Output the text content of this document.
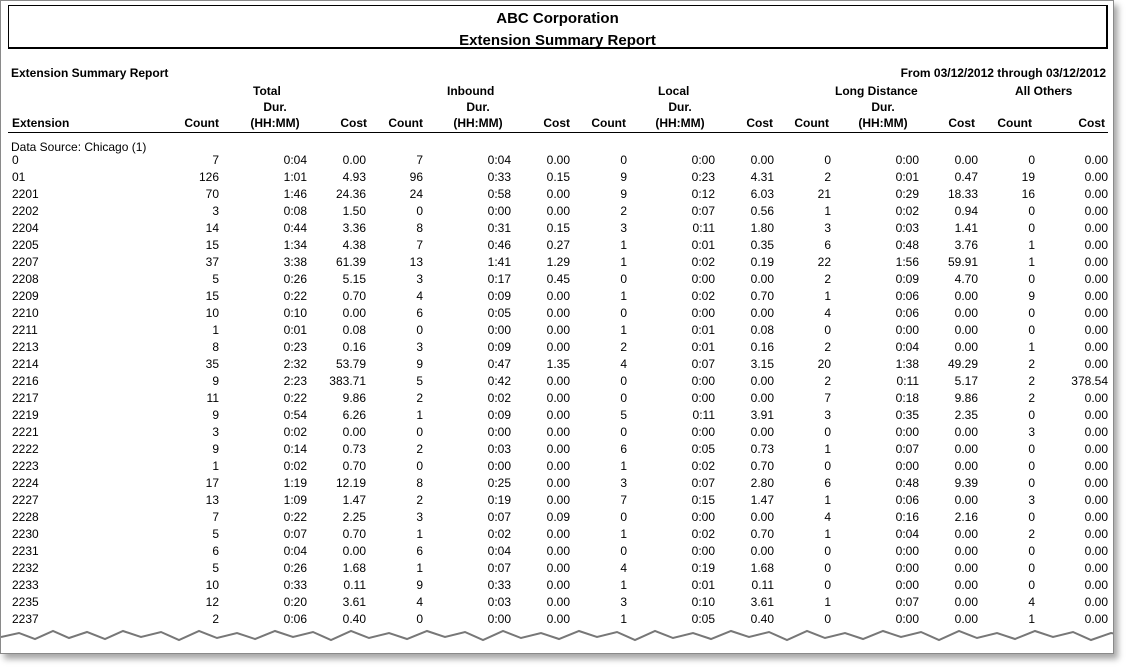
ABC Corporation
Extension Summary Report
Extension Summary Report	From 03/12/2012 through 03/12/2012
Total	Inbound	Local	Long Distance	All Others
Dur.	Dur.	Dur.	Dur.
Extension	Count	(HH:MM)	Cost	Count	(HH:MM)	Cost	Count	(HH:MM)	Cost	Count	(HH:MM)	Cost	Count	Cost
Data Source: Chicago (1)
0	7	0:04	0.00	7	0:04	0.00	0	0:00	0.00	0	0:00	0.00	0	0.00
01	126	1:01	4.93	96	0:33	0.15	9	0:23	4.31	2	0:01	0.47	19	0.00
2201	70	1:46	24.36	24	0:58	0.00	9	0:12	6.03	21	0:29	18.33	16	0.00
2202	3	0:08	1.50	0	0:00	0.00	2	0:07	0.56	1	0:02	0.94	0	0.00
2204	14	0:44	3.36	8	0:31	0.15	3	0:11	1.80	3	0:03	1.41	0	0.00
2205	15	1:34	4.38	7	0:46	0.27	1	0:01	0.35	6	0:48	3.76	1	0.00
2207	37	3:38	61.39	13	1:41	1.29	1	0:02	0.19	22	1:56	59.91	1	0.00
2208	5	0:26	5.15	3	0:17	0.45	0	0:00	0.00	2	0:09	4.70	0	0.00
2209	15	0:22	0.70	4	0:09	0.00	1	0:02	0.70	1	0:06	0.00	9	0.00
2210	10	0:10	0.00	6	0:05	0.00	0	0:00	0.00	4	0:06	0.00	0	0.00
2211	1	0:01	0.08	0	0:00	0.00	1	0:01	0.08	0	0:00	0.00	0	0.00
2213	8	0:23	0.16	3	0:09	0.00	2	0:01	0.16	2	0:04	0.00	1	0.00
2214	35	2:32	53.79	9	0:47	1.35	4	0:07	3.15	20	1:38	49.29	2	0.00
2216	9	2:23	383.71	5	0:42	0.00	0	0:00	0.00	2	0:11	5.17	2	378.54
2217	11	0:22	9.86	2	0:02	0.00	0	0:00	0.00	7	0:18	9.86	2	0.00
2219	9	0:54	6.26	1	0:09	0.00	5	0:11	3.91	3	0:35	2.35	0	0.00
2221	3	0:02	0.00	0	0:00	0.00	0	0:00	0.00	0	0:00	0.00	3	0.00
2222	9	0:14	0.73	2	0:03	0.00	6	0:05	0.73	1	0:07	0.00	0	0.00
2223	1	0:02	0.70	0	0:00	0.00	1	0:02	0.70	0	0:00	0.00	0	0.00
2224	17	1:19	12.19	8	0:25	0.00	3	0:07	2.80	6	0:48	9.39	0	0.00
2227	13	1:09	1.47	2	0:19	0.00	7	0:15	1.47	1	0:06	0.00	3	0.00
2228	7	0:22	2.25	3	0:07	0.09	0	0:00	0.00	4	0:16	2.16	0	0.00
2230	5	0:07	0.70	1	0:02	0.00	1	0:02	0.70	1	0:04	0.00	2	0.00
2231	6	0:04	0.00	6	0:04	0.00	0	0:00	0.00	0	0:00	0.00	0	0.00
2232	5	0:26	1.68	1	0:07	0.00	4	0:19	1.68	0	0:00	0.00	0	0.00
2233	10	0:33	0.11	9	0:33	0.00	1	0:01	0.11	0	0:00	0.00	0	0.00
2235	12	0:20	3.61	4	0:03	0.00	3	0:10	3.61	1	0:07	0.00	4	0.00
2237	2	0:06	0.40	0	0:00	0.00	1	0:05	0.40	0	0:00	0.00	1	0.00
